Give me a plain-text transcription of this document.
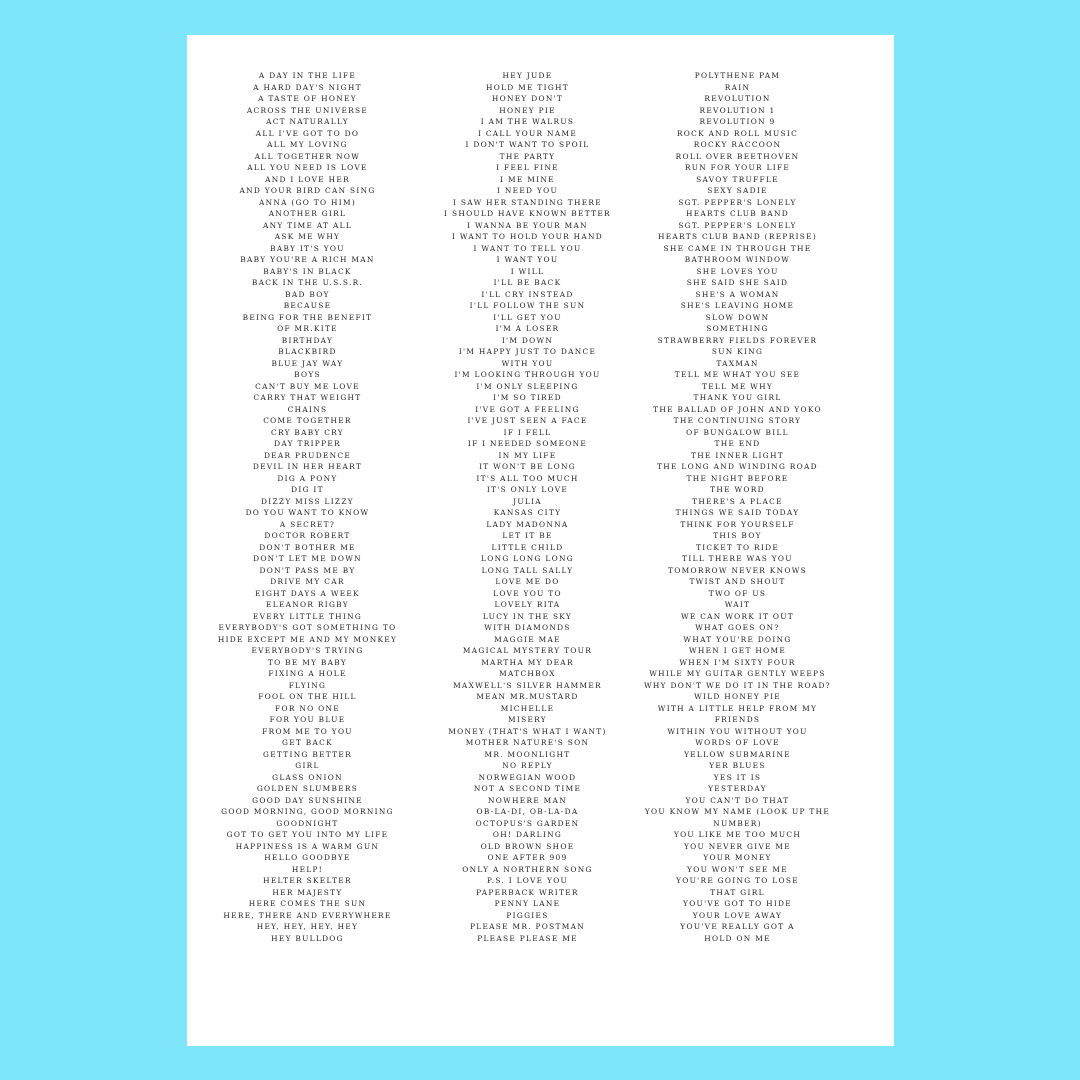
A DAY IN THE LIFE
A HARD DAY'S NIGHT
A TASTE OF HONEY
ACROSS THE UNIVERSE
ACT NATURALLY
ALL I'VE GOT TO DO
ALL MY LOVING
ALL TOGETHER NOW
ALL YOU NEED IS LOVE
AND I LOVE HER
AND YOUR BIRD CAN SING
ANNA (GO TO HIM)
ANOTHER GIRL
ANY TIME AT ALL
ASK ME WHY
BABY IT'S YOU
BABY YOU'RE A RICH MAN
BABY'S IN BLACK
BACK IN THE U.S.S.R.
BAD BOY
BECAUSE
BEING FOR THE BENEFIT
OF MR.KITE
BIRTHDAY
BLACKBIRD
BLUE JAY WAY
BOYS
CAN'T BUY ME LOVE
CARRY THAT WEIGHT
CHAINS
COME TOGETHER
CRY BABY CRY
DAY TRIPPER
DEAR PRUDENCE
DEVIL IN HER HEART
DIG A PONY
DIG IT
DIZZY MISS LIZZY
DO YOU WANT TO KNOW
A SECRET?
DOCTOR ROBERT
DON'T BOTHER ME
DON'T LET ME DOWN
DON'T PASS ME BY
DRIVE MY CAR
EIGHT DAYS A WEEK
ELEANOR RIGBY
EVERY LITTLE THING
EVERYBODY'S GOT SOMETHING TO
HIDE EXCEPT ME AND MY MONKEY
EVERYBODY'S TRYING
TO BE MY BABY
FIXING A HOLE
FLYING
FOOL ON THE HILL
FOR NO ONE
FOR YOU BLUE
FROM ME TO YOU
GET BACK
GETTING BETTER
GIRL
GLASS ONION
GOLDEN SLUMBERS
GOOD DAY SUNSHINE
GOOD MORNING, GOOD MORNING
GOODNIGHT
GOT TO GET YOU INTO MY LIFE
HAPPINESS IS A WARM GUN
HELLO GOODBYE
HELP!
HELTER SKELTER
HER MAJESTY
HERE COMES THE SUN
HERE, THERE AND EVERYWHERE
HEY, HEY, HEY, HEY
HEY BULLDOG
HEY JUDE
HOLD ME TIGHT
HONEY DON'T
HONEY PIE
I AM THE WALRUS
I CALL YOUR NAME
I DON'T WANT TO SPOIL
THE PARTY
I FEEL FINE
I ME MINE
I NEED YOU
I SAW HER STANDING THERE
I SHOULD HAVE KNOWN BETTER
I WANNA BE YOUR MAN
I WANT TO HOLD YOUR HAND
I WANT TO TELL YOU
I WANT YOU
I WILL
I'LL BE BACK
I'LL CRY INSTEAD
I'LL FOLLOW THE SUN
I'LL GET YOU
I'M A LOSER
I'M DOWN
I'M HAPPY JUST TO DANCE
WITH YOU
I'M LOOKING THROUGH YOU
I'M ONLY SLEEPING
I'M SO TIRED
I'VE GOT A FEELING
I'VE JUST SEEN A FACE
IF I FELL
IF I NEEDED SOMEONE
IN MY LIFE
IT WON'T BE LONG
IT'S ALL TOO MUCH
IT'S ONLY LOVE
JULIA
KANSAS CITY
LADY MADONNA
LET IT BE
LITTLE CHILD
LONG LONG LONG
LONG TALL SALLY
LOVE ME DO
LOVE YOU TO
LOVELY RITA
LUCY IN THE SKY
WITH DIAMONDS
MAGGIE MAE
MAGICAL MYSTERY TOUR
MARTHA MY DEAR
MATCHBOX
MAXWELL'S SILVER HAMMER
MEAN MR.MUSTARD
MICHELLE
MISERY
MONEY (THAT'S WHAT I WANT)
MOTHER NATURE'S SON
MR. MOONLIGHT
NO REPLY
NORWEGIAN WOOD
NOT A SECOND TIME
NOWHERE MAN
OB-LA-DI, OB-LA-DA
OCTOPUS'S GARDEN
OH! DARLING
OLD BROWN SHOE
ONE AFTER 909
ONLY A NORTHERN SONG
P.S. I LOVE YOU
PAPERBACK WRITER
PENNY LANE
PIGGIES
PLEASE MR. POSTMAN
PLEASE PLEASE ME
POLYTHENE PAM
RAIN
REVOLUTION
REVOLUTION 1
REVOLUTION 9
ROCK AND ROLL MUSIC
ROCKY RACCOON
ROLL OVER BEETHOVEN
RUN FOR YOUR LIFE
SAVOY TRUFFLE
SEXY SADIE
SGT. PEPPER'S LONELY
HEARTS CLUB BAND
SGT. PEPPER'S LONELY
HEARTS CLUB BAND (REPRISE)
SHE CAME IN THROUGH THE
BATHROOM WINDOW
SHE LOVES YOU
SHE SAID SHE SAID
SHE'S A WOMAN
SHE'S LEAVING HOME
SLOW DOWN
SOMETHING
STRAWBERRY FIELDS FOREVER
SUN KING
TAXMAN
TELL ME WHAT YOU SEE
TELL ME WHY
THANK YOU GIRL
THE BALLAD OF JOHN AND YOKO
THE CONTINUING STORY
OF BUNGALOW BILL
THE END
THE INNER LIGHT
THE LONG AND WINDING ROAD
THE NIGHT BEFORE
THE WORD
THERE'S A PLACE
THINGS WE SAID TODAY
THINK FOR YOURSELF
THIS BOY
TICKET TO RIDE
TILL THERE WAS YOU
TOMORROW NEVER KNOWS
TWIST AND SHOUT
TWO OF US
WAIT
WE CAN WORK IT OUT
WHAT GOES ON?
WHAT YOU'RE DOING
WHEN I GET HOME
WHEN I'M SIXTY FOUR
WHILE MY GUITAR GENTLY WEEPS
WHY DON'T WE DO IT IN THE ROAD?
WILD HONEY PIE
WITH A LITTLE HELP FROM MY
FRIENDS
WITHIN YOU WITHOUT YOU
WORDS OF LOVE
YELLOW SUBMARINE
YER BLUES
YES IT IS
YESTERDAY
YOU CAN'T DO THAT
YOU KNOW MY NAME (LOOK UP THE
NUMBER)
YOU LIKE ME TOO MUCH
YOU NEVER GIVE ME
YOUR MONEY
YOU WON'T SEE ME
YOU'RE GOING TO LOSE
THAT GIRL
YOU'VE GOT TO HIDE
YOUR LOVE AWAY
YOU'VE REALLY GOT A
HOLD ON ME
